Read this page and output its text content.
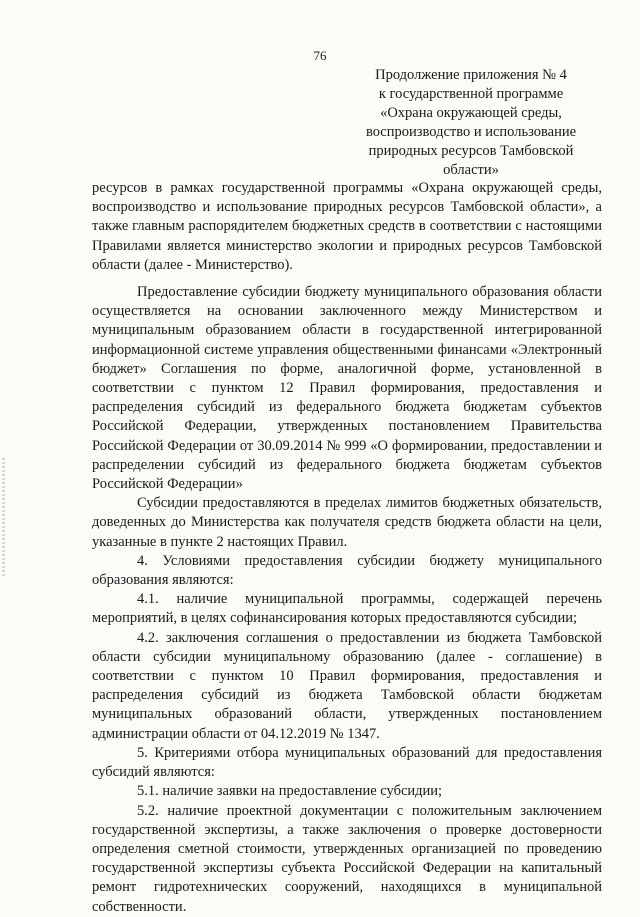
76
Продолжение приложения № 4
к государственной программе
«Охрана окружающей среды,
воспроизводство и использование
природных ресурсов Тамбовской
области»

ресурсов в рамках государственной программы «Охрана окружающей среды, воспроизводство и использование природных ресурсов Тамбовской области», а также главным распорядителем бюджетных средств в соответствии с настоящими Правилами является министерство экологии и природных ресурсов Тамбовской области (далее - Министерство).

Предоставление субсидии бюджету муниципального образования области осуществляется на основании заключенного между Министерством и муниципальным образованием области в государственной интегрированной информационной системе управления общественными финансами «Электронный бюджет» Соглашения по форме, аналогичной форме, установленной в соответствии с пунктом 12 Правил формирования, предоставления и распределения субсидий из федерального бюджета бюджетам субъектов Российской Федерации, утвержденных постановлением Правительства Российской Федерации от 30.09.2014 № 999 «О формировании, предоставлении и распределении субсидий из федерального бюджета бюджетам субъектов Российской Федерации»

Субсидии предоставляются в пределах лимитов бюджетных обязательств, доведенных до Министерства как получателя средств бюджета области на цели, указанные в пункте 2 настоящих Правил.

4. Условиями предоставления субсидии бюджету муниципального образования являются:

4.1. наличие муниципальной программы, содержащей перечень мероприятий, в целях софинансирования которых предоставляются субсидии;

4.2. заключения соглашения о предоставлении из бюджета Тамбовской области субсидии муниципальному образованию (далее - соглашение) в соответствии с пунктом 10 Правил формирования, предоставления и распределения субсидий из бюджета Тамбовской области бюджетам муниципальных образований области, утвержденных постановлением администрации области от 04.12.2019 № 1347.

5. Критериями отбора муниципальных образований для предоставления субсидий являются:

5.1. наличие заявки на предоставление субсидии;

5.2. наличие проектной документации с положительным заключением государственной экспертизы, а также заключения о проверке достоверности определения сметной стоимости, утвержденных организацией по проведению государственной экспертизы субъекта Российской Федерации на капитальный ремонт гидротехнических сооружений, находящихся в муниципальной собственности.
